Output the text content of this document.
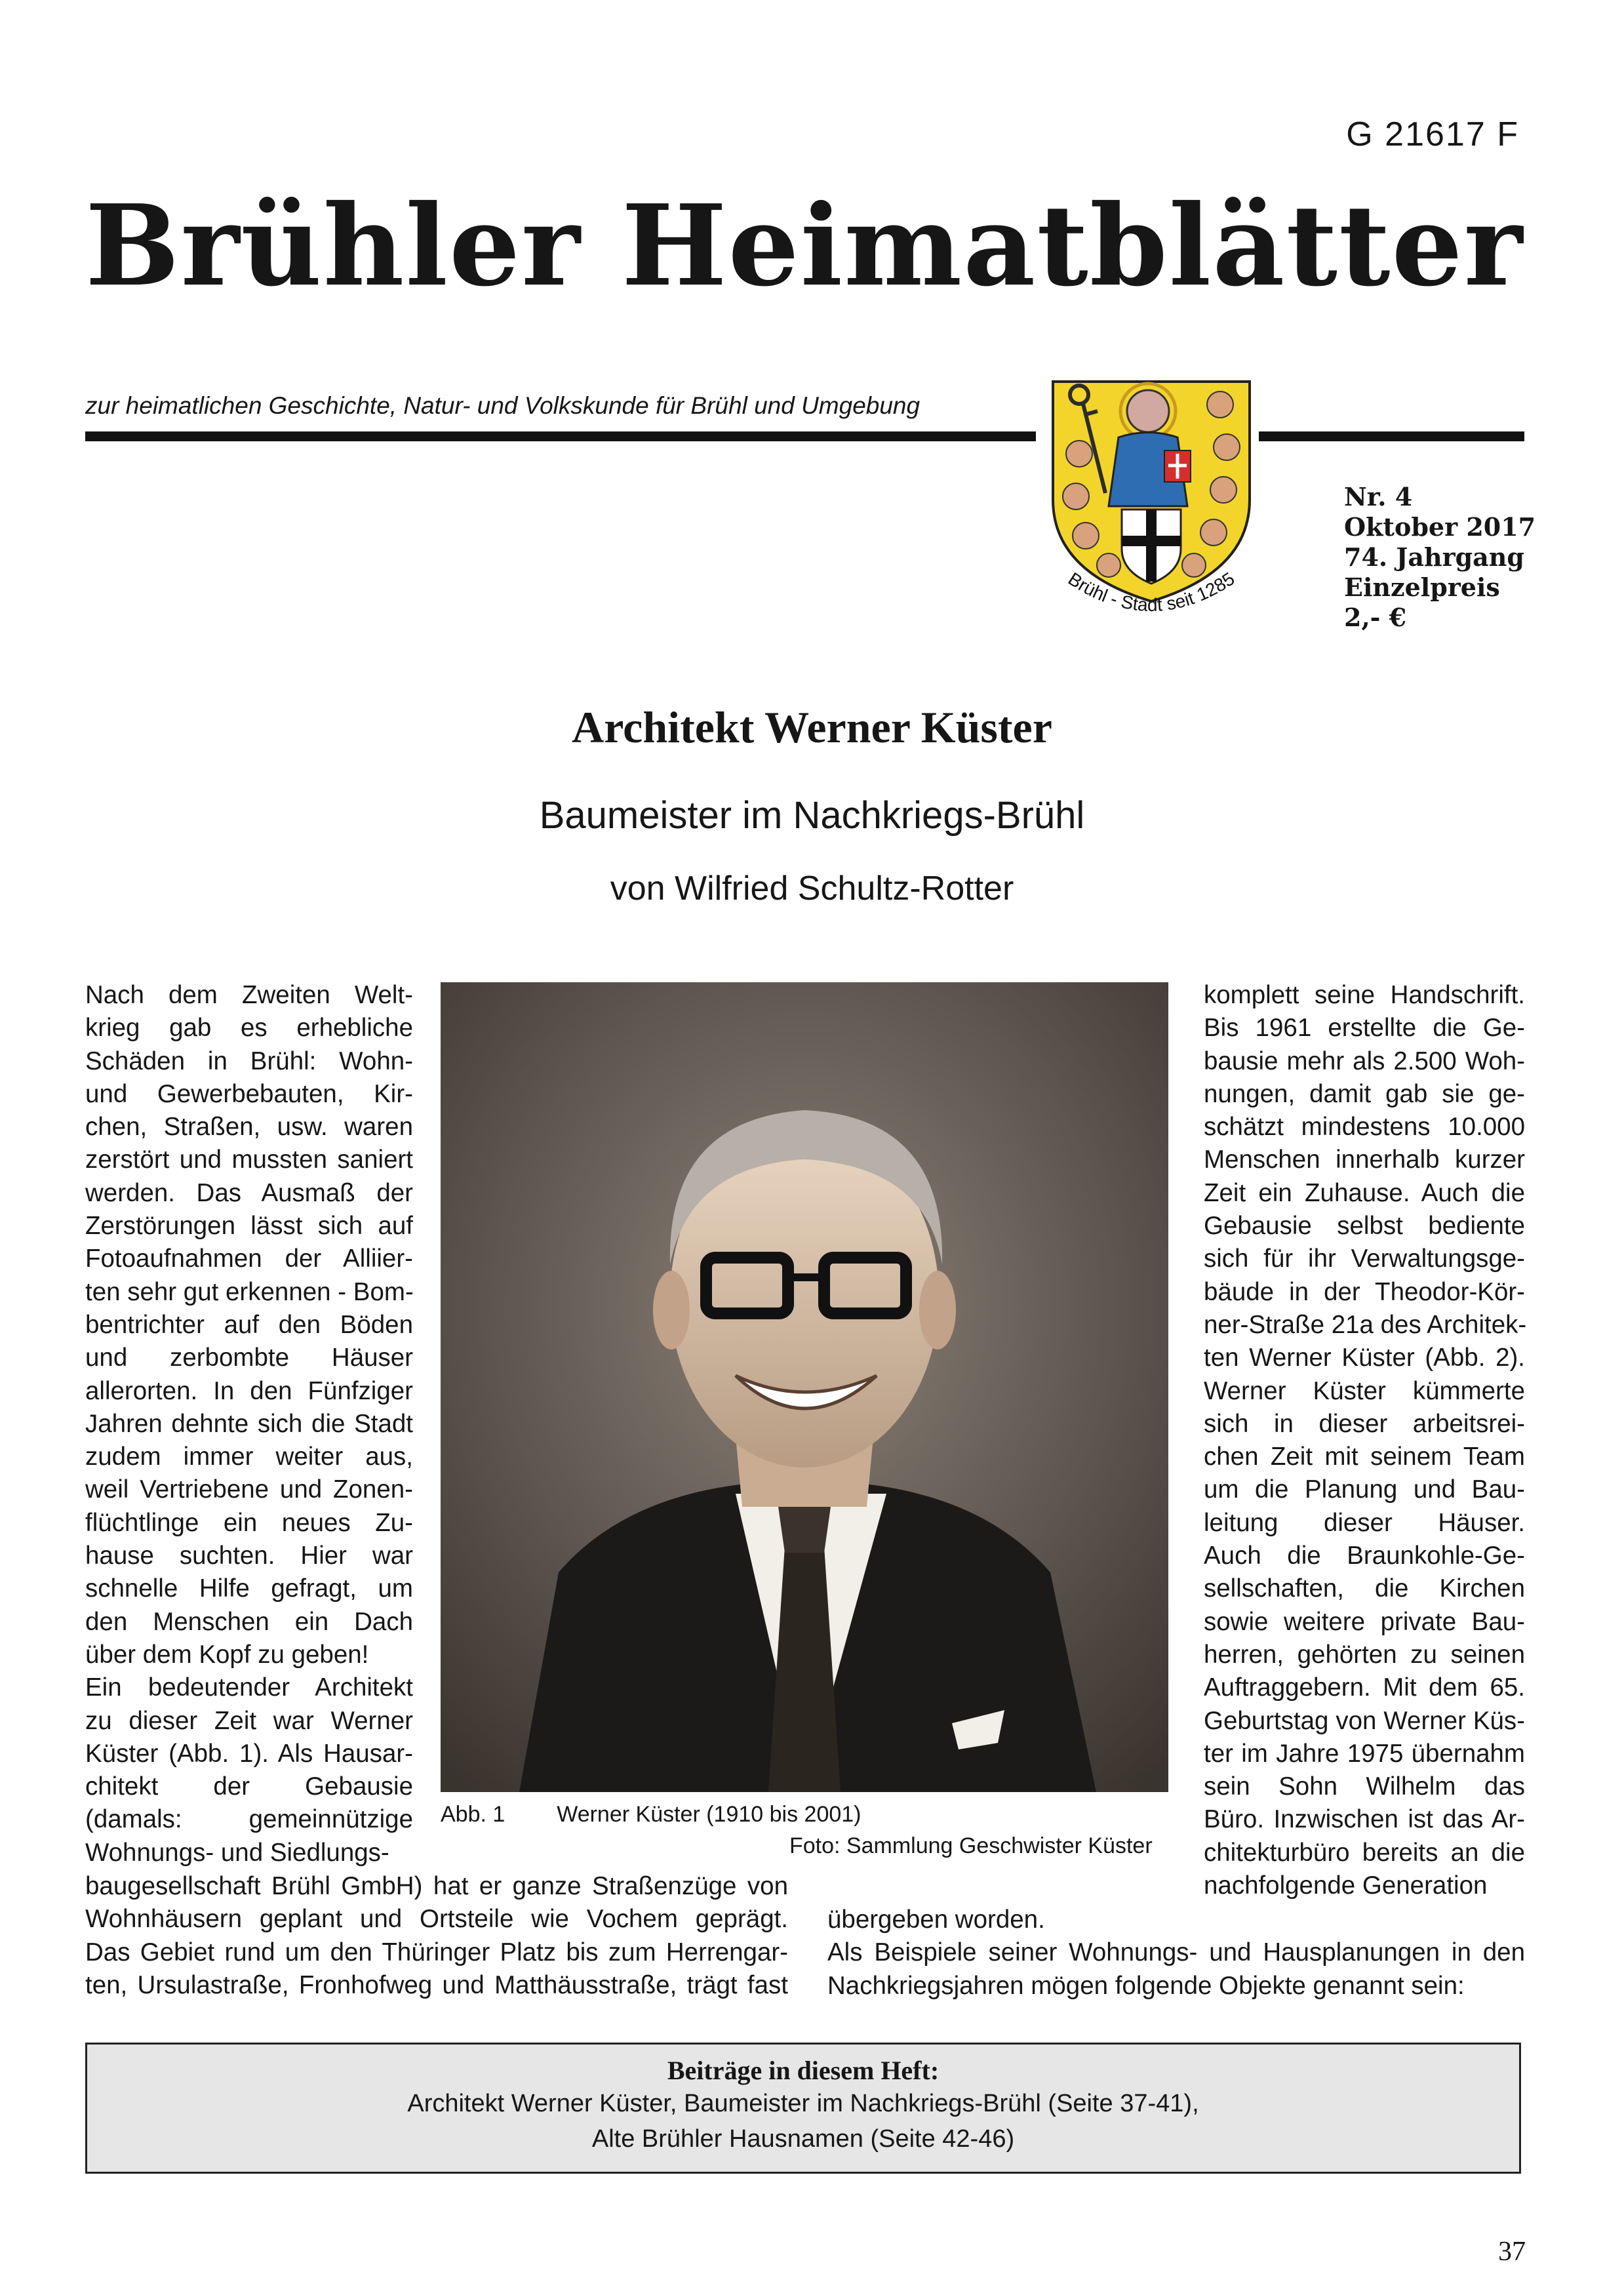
G 21617 F
Brühler Heimatblätter
zur heimatlichen Geschichte, Natur- und Volkskunde für Brühl und Umgebung
Brühl - Stadt seit 1285
Nr. 4
Oktober 2017
74. Jahrgang
Einzelpreis
2,- €
Architekt Werner Küster
Baumeister im Nachkriegs-Brühl
von Wilfried Schultz-Rotter
Nach dem Zweiten Welt-
krieg gab es erhebliche
Schäden in Brühl: Wohn-
und Gewerbebauten, Kir-
chen, Straßen, usw. waren
zerstört und mussten saniert
werden. Das Ausmaß der
Zerstörungen lässt sich auf
Fotoaufnahmen der Alliier-
ten sehr gut erkennen - Bom-
bentrichter auf den Böden
und zerbombte Häuser
allerorten. In den Fünfziger
Jahren dehnte sich die Stadt
zudem immer weiter aus,
weil Vertriebene und Zonen-
flüchtlinge ein neues Zu-
hause suchten. Hier war
schnelle Hilfe gefragt, um
den Menschen ein Dach
über dem Kopf zu geben!
Ein bedeutender Architekt
zu dieser Zeit war Werner
Küster (Abb. 1). Als Hausar-
chitekt der Gebausie
(damals: gemeinnützige
Wohnungs- und Siedlungs-
Abb. 1 Werner Küster (1910 bis 2001)
Foto: Sammlung Geschwister Küster
komplett seine Handschrift.
Bis 1961 erstellte die Ge-
bausie mehr als 2.500 Woh-
nungen, damit gab sie ge-
schätzt mindestens 10.000
Menschen innerhalb kurzer
Zeit ein Zuhause. Auch die
Gebausie selbst bediente
sich für ihr Verwaltungsge-
bäude in der Theodor-Kör-
ner-Straße 21a des Architek-
ten Werner Küster (Abb. 2).
Werner Küster kümmerte
sich in dieser arbeitsrei-
chen Zeit mit seinem Team
um die Planung und Bau-
leitung dieser Häuser.
Auch die Braunkohle-Ge-
sellschaften, die Kirchen
sowie weitere private Bau-
herren, gehörten zu seinen
Auftraggebern. Mit dem 65.
Geburtstag von Werner Küs-
ter im Jahre 1975 übernahm
sein Sohn Wilhelm das
Büro. Inzwischen ist das Ar-
chitekturbüro bereits an die
nachfolgende Generation
baugesellschaft Brühl GmbH) hat er ganze Straßenzüge von
Wohnhäusern geplant und Ortsteile wie Vochem geprägt.
Das Gebiet rund um den Thüringer Platz bis zum Herrengar-
ten, Ursulastraße, Fronhofweg und Matthäusstraße, trägt fast
übergeben worden.
Als Beispiele seiner Wohnungs- und Hausplanungen in den
Nachkriegsjahren mögen folgende Objekte genannt sein:
Beiträge in diesem Heft:
Architekt Werner Küster, Baumeister im Nachkriegs-Brühl (Seite 37-41),
Alte Brühler Hausnamen (Seite 42-46)
37
